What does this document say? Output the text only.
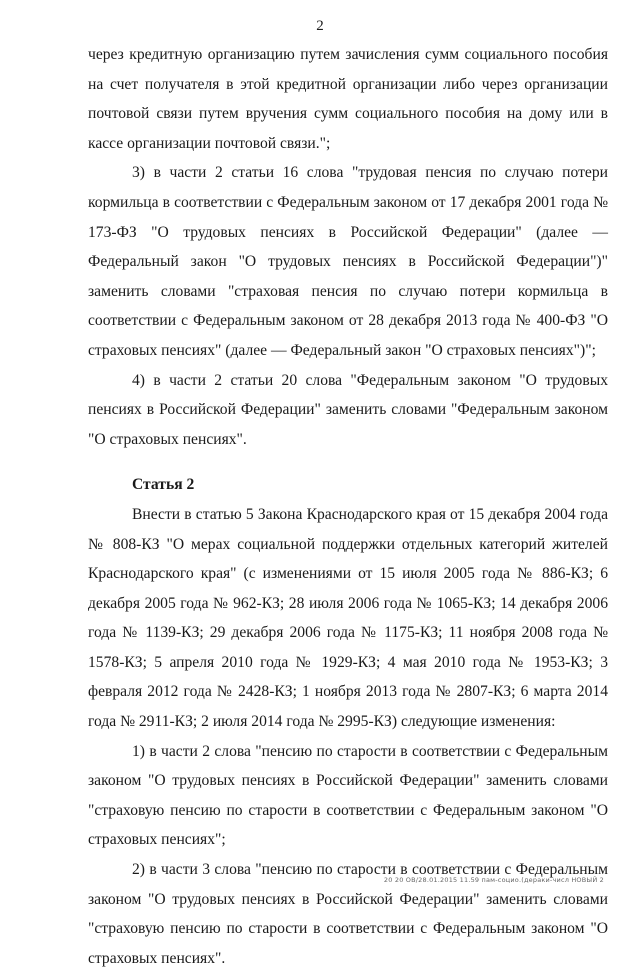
2

через кредитную организацию путем зачисления сумм социального пособия на счет получателя в этой кредитной организации либо через организации почтовой связи путем вручения сумм социального пособия на дому или в кассе организации почтовой связи.";

3) в части 2 статьи 16 слова "трудовая пенсия по случаю потери кормильца в соответствии с Федеральным законом от 17 декабря 2001 года № 173-ФЗ "О трудовых пенсиях в Российской Федерации" (далее — Федеральный закон "О трудовых пенсиях в Российской Федерации")" заменить словами "страховая пенсия по случаю потери кормильца в соответствии с Федеральным законом от 28 декабря 2013 года № 400-ФЗ "О страховых пенсиях" (далее — Федеральный закон "О страховых пенсиях")";

4) в части 2 статьи 20 слова "Федеральным законом "О трудовых пенсиях в Российской Федерации" заменить словами "Федеральным законом "О страховых пенсиях".

Статья 2

Внести в статью 5 Закона Краснодарского края от 15 декабря 2004 года № 808-КЗ "О мерах социальной поддержки отдельных категорий жителей Краснодарского края" (с изменениями от 15 июля 2005 года № 886-КЗ; 6 декабря 2005 года № 962-КЗ; 28 июля 2006 года № 1065-КЗ; 14 декабря 2006 года № 1139-КЗ; 29 декабря 2006 года № 1175-КЗ; 11 ноября 2008 года № 1578-КЗ; 5 апреля 2010 года № 1929-КЗ; 4 мая 2010 года № 1953-КЗ; 3 февраля 2012 года № 2428-КЗ; 1 ноября 2013 года № 2807-КЗ; 6 марта 2014 года № 2911-КЗ; 2 июля 2014 года № 2995-КЗ) следующие изменения:

1) в части 2 слова "пенсию по старости в соответствии с Федеральным законом "О трудовых пенсиях в Российской Федерации" заменить словами "страховую пенсию по старости в соответствии с Федеральным законом "О страховых пенсиях";

2) в части 3 слова "пенсию по старости в соответствии с Федеральным законом "О трудовых пенсиях в Российской Федерации" заменить словами "страховую пенсию по старости в соответствии с Федеральным законом "О страховых пенсиях".

20 20 ОВ/28.01.2015 11.59 пам-социо.(дераки-числ НОВЫЙ 2
